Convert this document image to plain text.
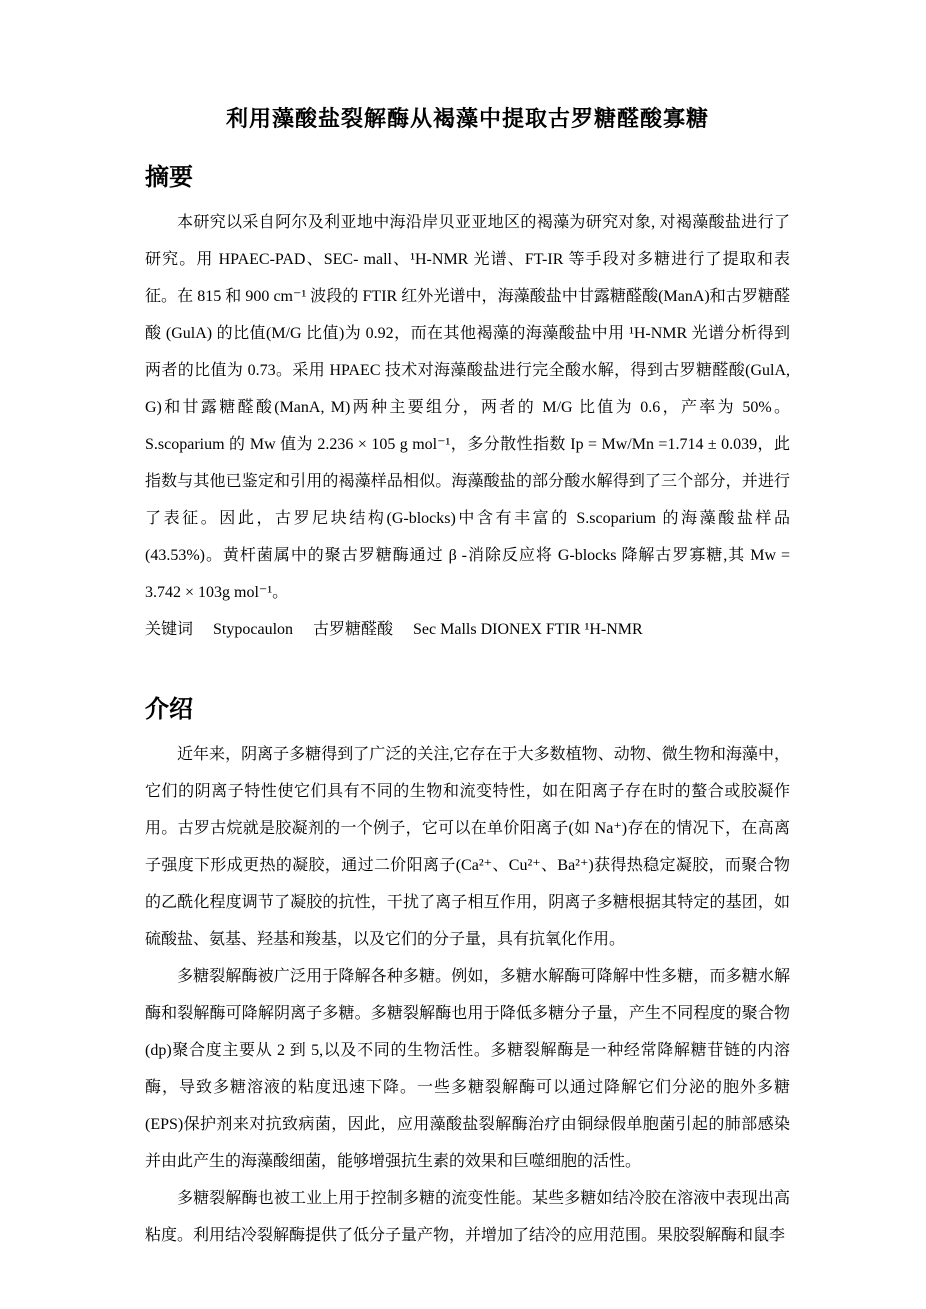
利用藻酸盐裂解酶从褐藻中提取古罗糖醛酸寡糖
摘要

本研究以采自阿尔及利亚地中海沿岸贝亚亚地区的褐藻为研究对象, 对褐藻酸盐进行了研究。用 HPAEC-PAD、SEC- mall、¹H-NMR 光谱、FT-IR 等手段对多糖进行了提取和表征。在 815 和 900 cm⁻¹ 波段的 FTIR 红外光谱中，海藻酸盐中甘露糖醛酸(ManA)和古罗糖醛酸 (GulA) 的比值(M/G 比值)为 0.92，而在其他褐藻的海藻酸盐中用 ¹H-NMR 光谱分析得到两者的比值为 0.73。采用 HPAEC 技术对海藻酸盐进行完全酸水解，得到古罗糖醛酸(GulA, G)和甘露糖醛酸(ManA, M)两种主要组分，两者的 M/G 比值为 0.6，产率为 50%。S.scoparium 的 Mw 值为 2.236 × 105 g mol⁻¹，多分散性指数 Ip = Mw/Mn =1.714 ± 0.039，此指数与其他已鉴定和引用的褐藻样品相似。海藻酸盐的部分酸水解得到了三个部分，并进行了表征。因此，古罗尼块结构(G-blocks)中含有丰富的 S.scoparium 的海藻酸盐样品(43.53%)。黄杆菌属中的聚古罗糖酶通过 β -消除反应将 G-blocks 降解古罗寡糖,其 Mw = 3.742 × 103g mol⁻¹。

关键词 Stypocaulon 古罗糖醛酸 Sec Malls DIONEX FTIR ¹H-NMR

介绍

近年来，阴离子多糖得到了广泛的关注,它存在于大多数植物、动物、微生物和海藻中，它们的阴离子特性使它们具有不同的生物和流变特性，如在阳离子存在时的螯合或胶凝作用。古罗古烷就是胶凝剂的一个例子，它可以在单价阳离子(如 Na⁺)存在的情况下，在高离子强度下形成更热的凝胶，通过二价阳离子(Ca²⁺、Cu²⁺、Ba²⁺)获得热稳定凝胶，而聚合物的乙酰化程度调节了凝胶的抗性，干扰了离子相互作用，阴离子多糖根据其特定的基团，如硫酸盐、氨基、羟基和羧基，以及它们的分子量，具有抗氧化作用。

多糖裂解酶被广泛用于降解各种多糖。例如，多糖水解酶可降解中性多糖，而多糖水解酶和裂解酶可降解阴离子多糖。多糖裂解酶也用于降低多糖分子量，产生不同程度的聚合物(dp)聚合度主要从 2 到 5,以及不同的生物活性。多糖裂解酶是一种经常降解糖苷链的内溶酶，导致多糖溶液的粘度迅速下降。一些多糖裂解酶可以通过降解它们分泌的胞外多糖(EPS)保护剂来对抗致病菌，因此，应用藻酸盐裂解酶治疗由铜绿假单胞菌引起的肺部感染并由此产生的海藻酸细菌，能够增强抗生素的效果和巨噬细胞的活性。

多糖裂解酶也被工业上用于控制多糖的流变性能。某些多糖如结冷胶在溶液中表现出高粘度。利用结冷裂解酶提供了低分子量产物，并增加了结冷的应用范围。果胶裂解酶和鼠李
